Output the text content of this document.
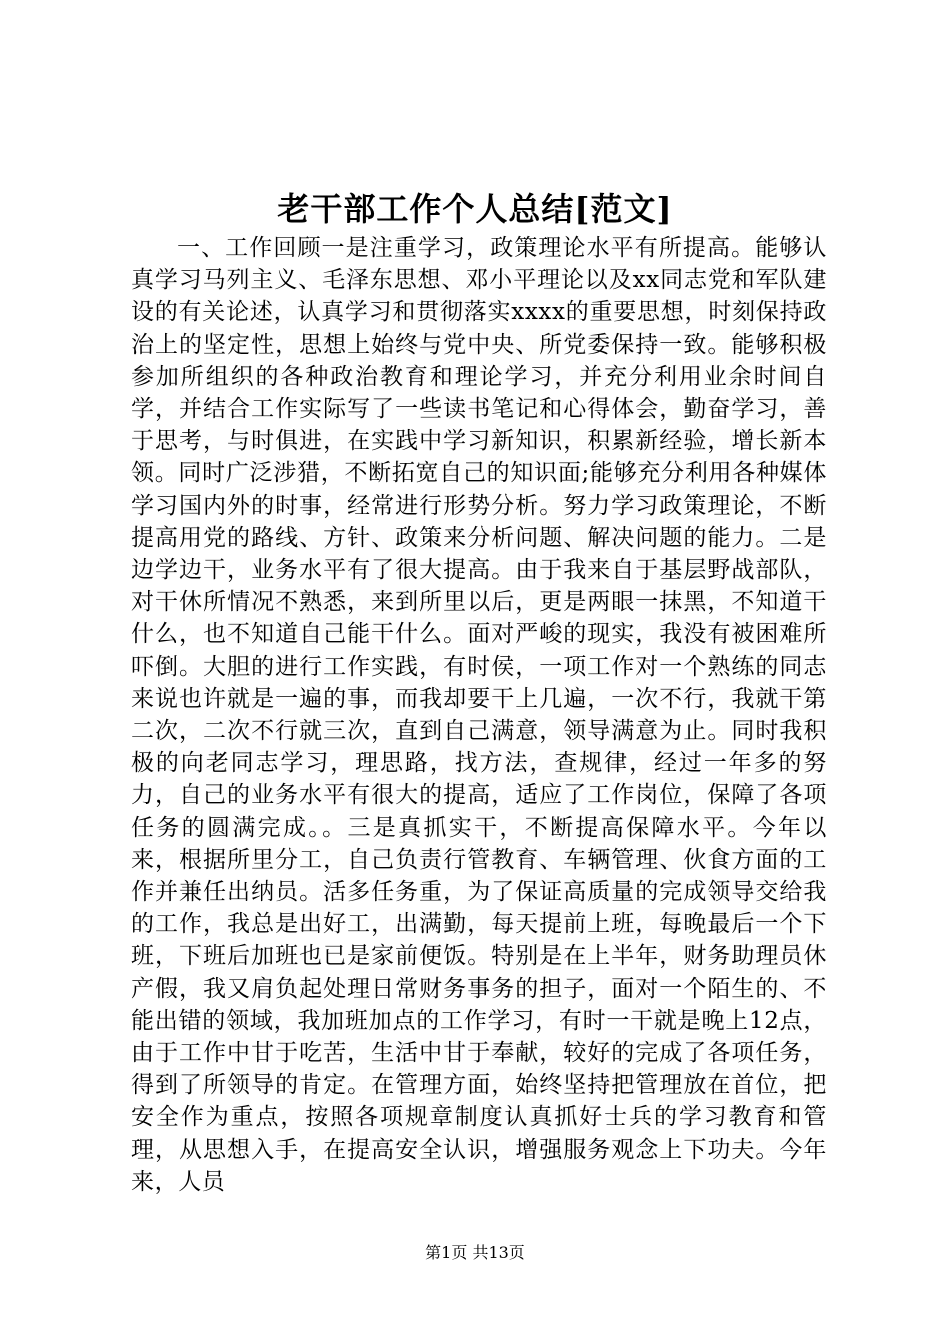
老干部工作个人总结[范文]

一、工作回顾一是注重学习，政策理论水平有所提高。能够认真学习马列主义、毛泽东思想、邓小平理论以及xx同志党和军队建设的有关论述，认真学习和贯彻落实xxxx的重要思想，时刻保持政治上的坚定性，思想上始终与党中央、所党委保持一致。能够积极参加所组织的各种政治教育和理论学习，并充分利用业余时间自学，并结合工作实际写了一些读书笔记和心得体会，勤奋学习，善于思考，与时俱进，在实践中学习新知识，积累新经验，增长新本领。同时广泛涉猎，不断拓宽自己的知识面;能够充分利用各种媒体学习国内外的时事，经常进行形势分析。努力学习政策理论，不断提高用党的路线、方针、政策来分析问题、解决问题的能力。二是边学边干，业务水平有了很大提高。由于我来自于基层野战部队，对干休所情况不熟悉，来到所里以后，更是两眼一抹黑，不知道干什么，也不知道自己能干什么。面对严峻的现实，我没有被困难所吓倒。大胆的进行工作实践，有时侯，一项工作对一个熟练的同志来说也许就是一遍的事，而我却要干上几遍，一次不行，我就干第二次，二次不行就三次，直到自己满意，领导满意为止。同时我积极的向老同志学习，理思路，找方法，查规律，经过一年多的努力，自己的业务水平有很大的提高，适应了工作岗位，保障了各项任务的圆满完成。。三是真抓实干，不断提高保障水平。今年以来，根据所里分工，自己负责行管教育、车辆管理、伙食方面的工作并兼任出纳员。活多任务重，为了保证高质量的完成领导交给我的工作，我总是出好工，出满勤，每天提前上班，每晚最后一个下班，下班后加班也已是家前便饭。特别是在上半年，财务助理员休产假，我又肩负起处理日常财务事务的担子，面对一个陌生的、不能出错的领域，我加班加点的工作学习，有时一干就是晚上12点，由于工作中甘于吃苦，生活中甘于奉献，较好的完成了各项任务，得到了所领导的肯定。在管理方面，始终坚持把管理放在首位，把安全作为重点，按照各项规章制度认真抓好士兵的学习教育和管理，从思想入手，在提高安全认识，增强服务观念上下功夫。今年来，人员

第1页 共13页
